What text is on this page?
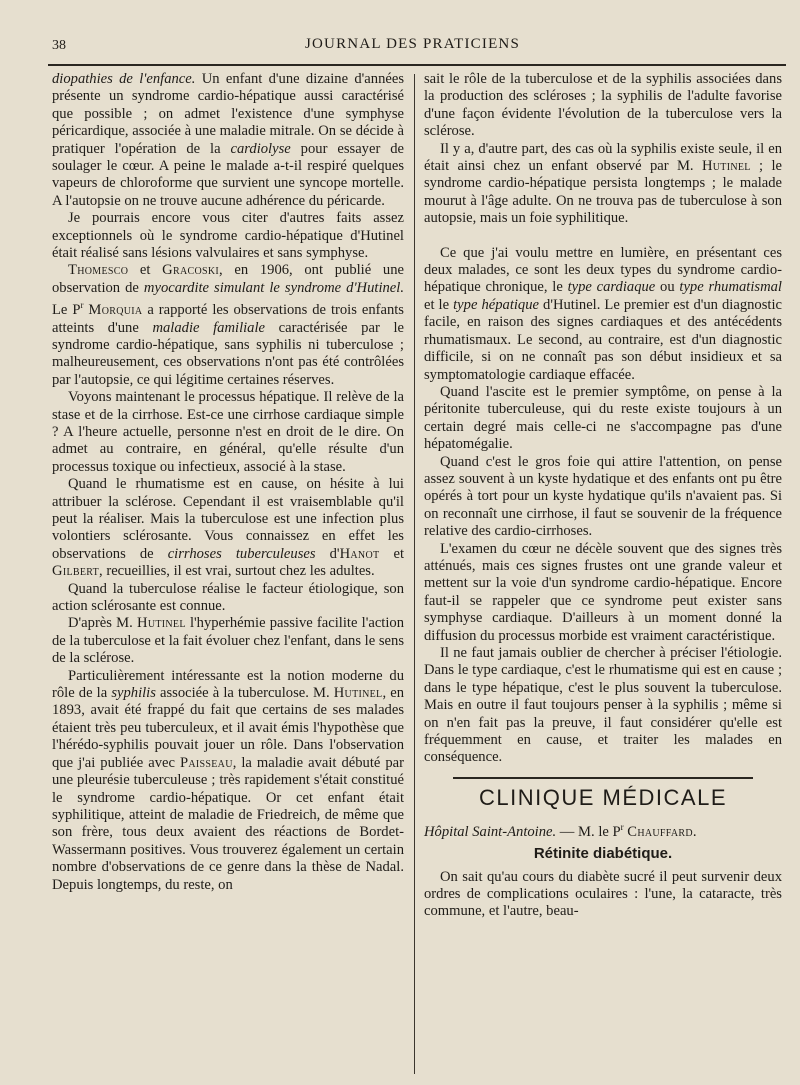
38	JOURNAL DES PRATICIENS

diopathies de l'enfance. Un enfant d'une dizaine d'années présente un syndrome cardio-hépatique aussi caractérisé que possible ; on admet l'existence d'une symphyse péricardique, associée à une maladie mitrale. On se décide à pratiquer l'opération de la cardiolyse pour essayer de soulager le cœur. A peine le malade a-t-il respiré quelques vapeurs de chloroforme que survient une syncope mortelle. A l'autopsie on ne trouve aucune adhérence du péricarde.

Je pourrais encore vous citer d'autres faits assez exceptionnels où le syndrome cardio-hépatique d'Hutinel était réalisé sans lésions valvulaires et sans symphyse.

Thomesco et Gracoski, en 1906, ont publié une observation de myocardite simulant le syndrome d'Hutinel. Le $P^r$ Morquia a rapporté les observations de trois enfants atteints d'une maladie familiale caractérisée par le syndrome cardio-hépatique, sans syphilis ni tuberculose ; malheureusement, ces observations n'ont pas été contrôlées par l'autopsie, ce qui légitime certaines réserves.

Voyons maintenant le processus hépatique. Il relève de la stase et de la cirrhose. Est-ce une cirrhose cardiaque simple ? A l'heure actuelle, personne n'est en droit de le dire. On admet au contraire, en général, qu'elle résulte d'un processus toxique ou infectieux, associé à la stase.

Quand le rhumatisme est en cause, on hésite à lui attribuer la sclérose. Cependant il est vraisemblable qu'il peut la réaliser. Mais la tuberculose est une infection plus volontiers sclérosante. Vous connaissez en effet les observations de cirrhoses tuberculeuses d'Hanot et Gilbert, recueillies, il est vrai, surtout chez les adultes.

Quand la tuberculose réalise le facteur étiologique, son action sclérosante est connue.

D'après M. Hutinel l'hyperhémie passive facilite l'action de la tuberculose et la fait évoluer chez l'enfant, dans le sens de la sclérose.

Particulièrement intéressante est la notion moderne du rôle de la syphilis associée à la tuberculose. M. Hutinel, en 1893, avait été frappé du fait que certains de ses malades étaient très peu tuberculeux, et il avait émis l'hypothèse que l'hérédo-syphilis pouvait jouer un rôle. Dans l'observation que j'ai publiée avec Paisseau, la maladie avait débuté par une pleurésie tuberculeuse ; très rapidement s'était constitué le syndrome cardio-hépatique. Or cet enfant était syphilitique, atteint de maladie de Friedreich, de même que son frère, tous deux avaient des réactions de Bordet-Wassermann positives. Vous trouverez également un certain nombre d'observations de ce genre dans la thèse de Nadal. Depuis longtemps, du reste, on

sait le rôle de la tuberculose et de la syphilis associées dans la production des scléroses ; la syphilis de l'adulte favorise d'une façon évidente l'évolution de la tuberculose vers la sclérose.

Il y a, d'autre part, des cas où la syphilis existe seule, il en était ainsi chez un enfant observé par M. Hutinel ; le syndrome cardio-hépatique persista longtemps ; le malade mourut à l'âge adulte. On ne trouva pas de tuberculose à son autopsie, mais un foie syphilitique.

Ce que j'ai voulu mettre en lumière, en présentant ces deux malades, ce sont les deux types du syndrome cardio-hépatique chronique, le type cardiaque ou type rhumatismal et le type hépatique d'Hutinel. Le premier est d'un diagnostic facile, en raison des signes cardiaques et des antécédents rhumatismaux. Le second, au contraire, est d'un diagnostic difficile, si on ne connaît pas son début insidieux et sa symptomatologie cardiaque effacée.

Quand l'ascite est le premier symptôme, on pense à la péritonite tuberculeuse, qui du reste existe toujours à un certain degré mais celle-ci ne s'accompagne pas d'une hépatomégalie.

Quand c'est le gros foie qui attire l'attention, on pense assez souvent à un kyste hydatique et des enfants ont pu être opérés à tort pour un kyste hydatique qu'ils n'avaient pas. Si on reconnaît une cirrhose, il faut se souvenir de la fréquence relative des cardio-cirrhoses.

L'examen du cœur ne décèle souvent que des signes très atténués, mais ces signes frustes ont une grande valeur et mettent sur la voie d'un syndrome cardio-hépatique. Encore faut-il se rappeler que ce syndrome peut exister sans symphyse cardiaque. D'ailleurs à un moment donné la diffusion du processus morbide est vraiment caractéristique.

Il ne faut jamais oublier de chercher à préciser l'étiologie. Dans le type cardiaque, c'est le rhumatisme qui est en cause ; dans le type hépatique, c'est le plus souvent la tuberculose. Mais en outre il faut toujours penser à la syphilis ; même si on n'en fait pas la preuve, il faut considérer qu'elle est fréquemment en cause, et traiter les malades en conséquence.

CLINIQUE MÉDICALE

Hôpital Saint-Antoine. — M. le $P^r$ Chauffard.

Rétinite diabétique.

On sait qu'au cours du diabète sucré il peut survenir deux ordres de complications oculaires : l'une, la cataracte, très commune, et l'autre, beau-
